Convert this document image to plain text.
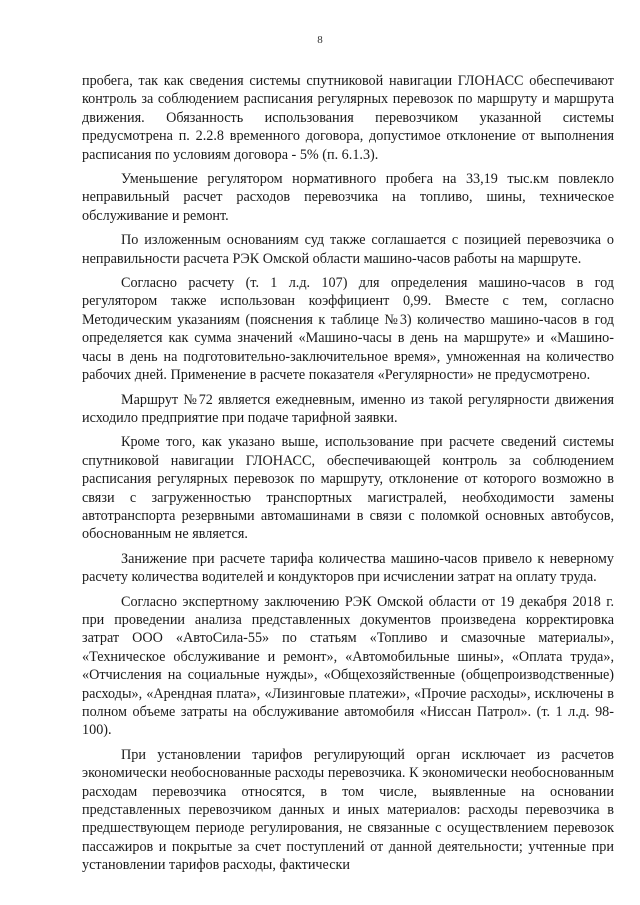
8

пробега, так как сведения системы спутниковой навигации ГЛОНАСС обеспечивают контроль за соблюдением расписания регулярных перевозок по маршруту и маршрута движения. Обязанность использования перевозчиком указанной системы предусмотрена п. 2.2.8 временного договора, допустимое отклонение от выполнения расписания по условиям договора - 5% (п. 6.1.3).

Уменьшение регулятором нормативного пробега на 33,19 тыс.км повлекло неправильный расчет расходов перевозчика на топливо, шины, техническое обслуживание и ремонт.

По изложенным основаниям суд также соглашается с позицией перевозчика о неправильности расчета РЭК Омской области машино-часов работы на маршруте.

Согласно расчету (т. 1 л.д. 107) для определения машино-часов в год регулятором также использован коэффициент 0,99. Вместе с тем, согласно Методическим указаниям (пояснения к таблице №3) количество машино-часов в год определяется как сумма значений «Машино-часы в день на маршруте» и «Машино-часы в день на подготовительно-заключительное время», умноженная на количество рабочих дней. Применение в расчете показателя «Регулярности» не предусмотрено.

Маршрут №72 является ежедневным, именно из такой регулярности движения исходило предприятие при подаче тарифной заявки.

Кроме того, как указано выше, использование при расчете сведений системы спутниковой навигации ГЛОНАСС, обеспечивающей контроль за соблюдением расписания регулярных перевозок по маршруту, отклонение от которого возможно в связи с загруженностью транспортных магистралей, необходимости замены автотранспорта резервными автомашинами в связи с поломкой основных автобусов, обоснованным не является.

Занижение при расчете тарифа количества машино-часов привело к неверному расчету количества водителей и кондукторов при исчислении затрат на оплату труда.

Согласно экспертному заключению РЭК Омской области от 19 декабря 2018 г. при проведении анализа представленных документов произведена корректировка затрат ООО «АвтоСила-55» по статьям «Топливо и смазочные материалы», «Техническое обслуживание и ремонт», «Автомобильные шины», «Оплата труда», «Отчисления на социальные нужды», «Общехозяйственные (общепроизводственные) расходы», «Арендная плата», «Лизинговые платежи», «Прочие расходы», исключены в полном объеме затраты на обслуживание автомобиля «Ниссан Патрол». (т. 1 л.д. 98-100).

При установлении тарифов регулирующий орган исключает из расчетов экономически необоснованные расходы перевозчика. К экономически необоснованным расходам перевозчика относятся, в том числе, выявленные на основании представленных перевозчиком данных и иных материалов: расходы перевозчика в предшествующем периоде регулирования, не связанные с осуществлением перевозок пассажиров и покрытые за счет поступлений от данной деятельности; учтенные при установлении тарифов расходы, фактически
